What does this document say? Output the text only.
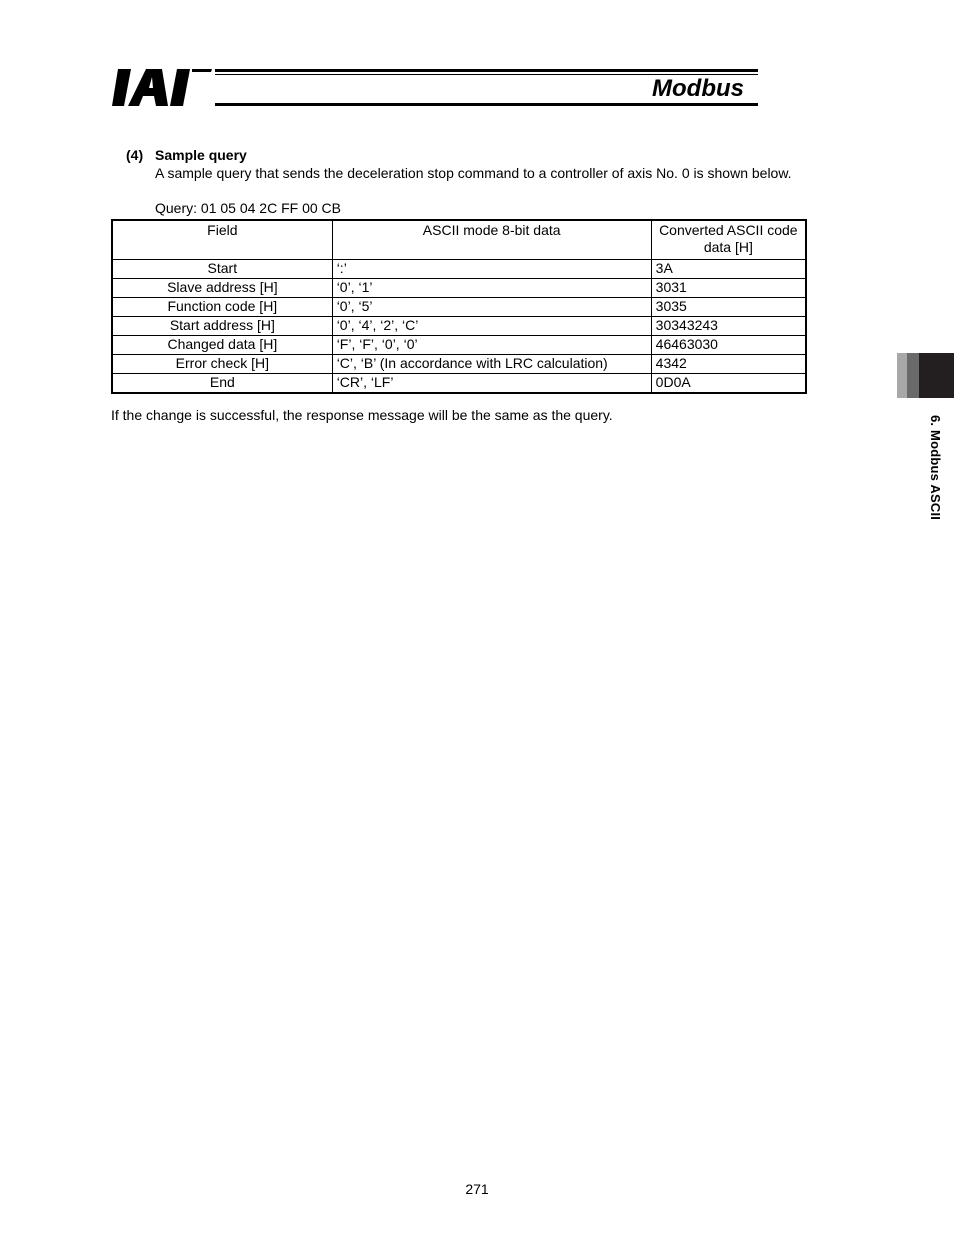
Modbus
6. Modbus ASCII
(4) Sample query
A sample query that sends the deceleration stop command to a controller of axis No. 0 is shown below.
Query: 01 05 04 2C FF 00 CB
Field	ASCII mode 8-bit data	Converted ASCII code data [H]
Start	‘:’	3A
Slave address [H]	‘0’, ‘1’	3031
Function code [H]	‘0’, ‘5’	3035
Start address [H]	‘0’, ‘4’, ‘2’, ‘C’	30343243
Changed data [H]	‘F’, ‘F’, ‘0’, ‘0’	46463030
Error check [H]	‘C’, ‘B’ (In accordance with LRC calculation)	4342
End	‘CR’, ‘LF’	0D0A
If the change is successful, the response message will be the same as the query.
271
